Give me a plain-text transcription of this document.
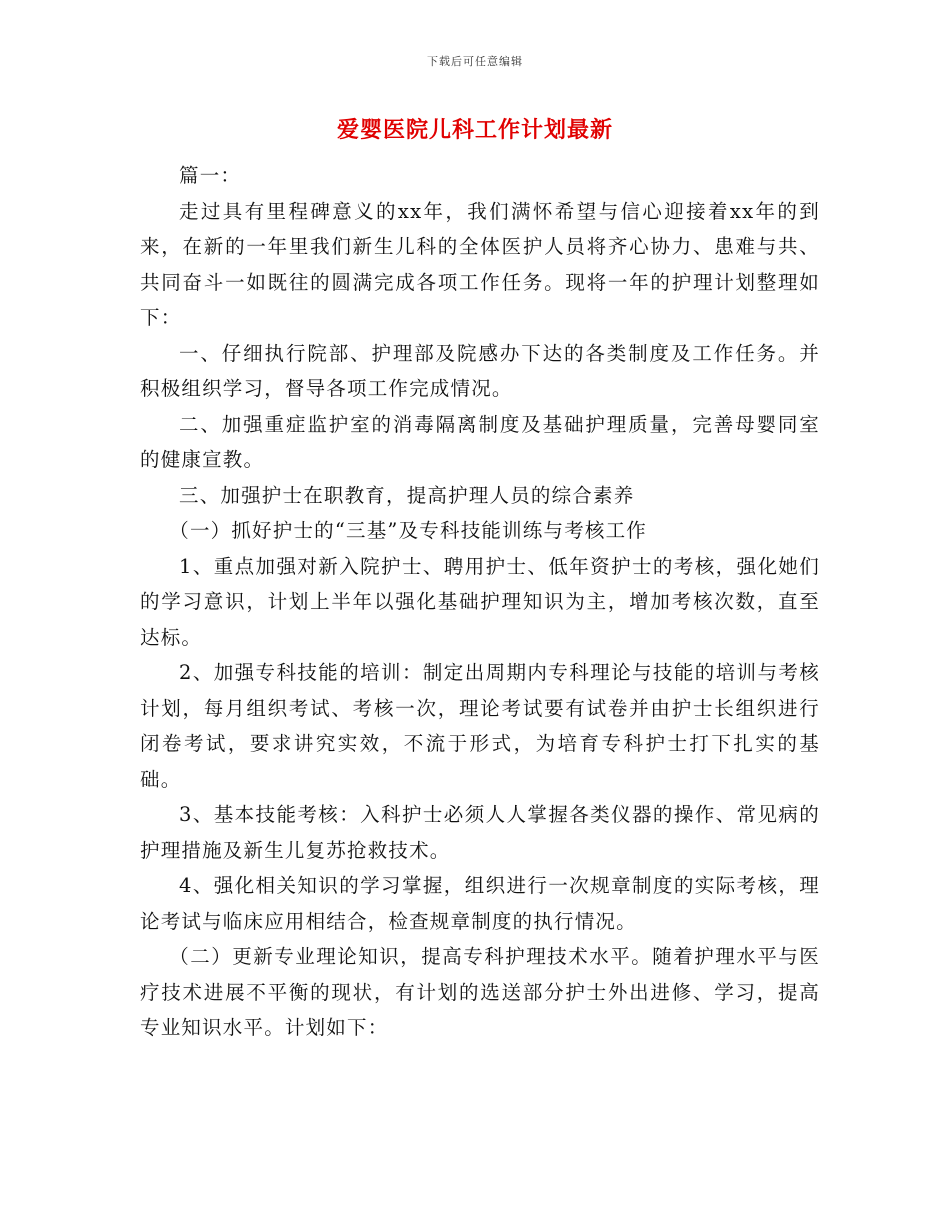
下载后可任意编辑
爱婴医院儿科工作计划最新

篇一：

走过具有里程碑意义的xx年，我们满怀希望与信心迎接着xx年的到来，在新的一年里我们新生儿科的全体医护人员将齐心协力、患难与共、共同奋斗一如既往的圆满完成各项工作任务。现将一年的护理计划整理如下：

一、仔细执行院部、护理部及院感办下达的各类制度及工作任务。并积极组织学习，督导各项工作完成情况。

二、加强重症监护室的消毒隔离制度及基础护理质量，完善母婴同室的健康宣教。

三、加强护士在职教育，提高护理人员的综合素养

（一）抓好护士的“三基”及专科技能训练与考核工作

1、重点加强对新入院护士、聘用护士、低年资护士的考核，强化她们的学习意识，计划上半年以强化基础护理知识为主，增加考核次数，直至达标。

2、加强专科技能的培训：制定出周期内专科理论与技能的培训与考核计划，每月组织考试、考核一次，理论考试要有试卷并由护士长组织进行闭卷考试，要求讲究实效，不流于形式，为培育专科护士打下扎实的基础。

3、基本技能考核：入科护士必须人人掌握各类仪器的操作、常见病的护理措施及新生儿复苏抢救技术。

4、强化相关知识的学习掌握，组织进行一次规章制度的实际考核，理论考试与临床应用相结合，检查规章制度的执行情况。

（二）更新专业理论知识，提高专科护理技术水平。随着护理水平与医疗技术进展不平衡的现状，有计划的选送部分护士外出进修、学习，提高专业知识水平。计划如下：
